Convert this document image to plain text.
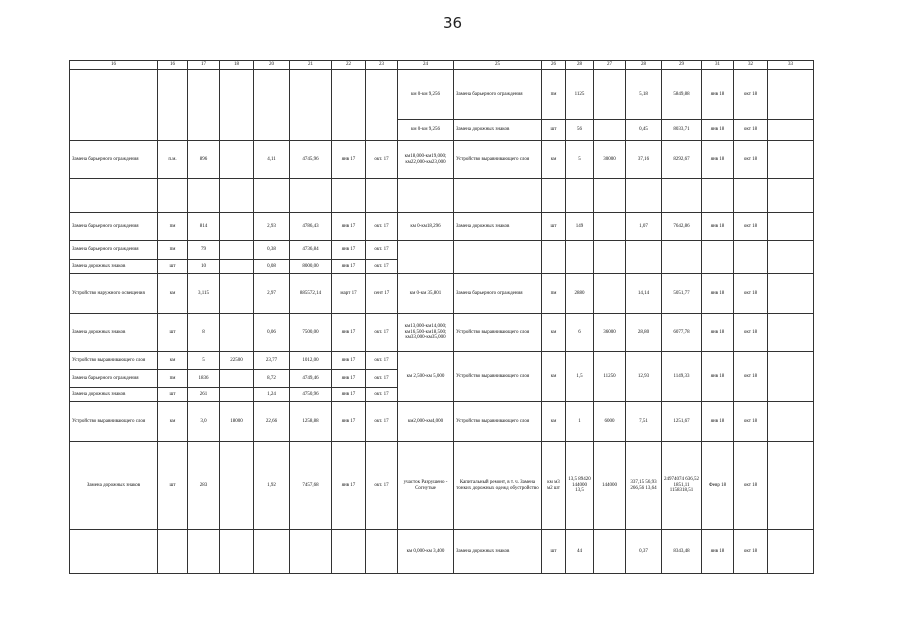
36
16	16	17	18	20	21	22	23	24	25	26	28	27	28	29	31	32	33
								км 0-км 9,256	Замена барьерного ограждения	пм	1125		5,18	5849,88	янв 18	окт 18	
								км 0-км 9,256	Замена дорожных знаков	шт	56		0,45	8033,71	янв 18	окт 18	
Замена барьерного ограждения	п.м.	896		4,11	4745,96	янв 17	окт. 17	км18,000-км19,000; км22,000-км23,000	Устройство выравнивающего слоя	км	5	30000	37,16	8292,67	янв 18	окт 18	

Замена барьерного ограждения	пм	814		2,93	4786,43	янв 17	окт. 17	км 0-км18,296	Замена дорожных знаков	шт	149		1,07	7642,86	янв 18	окт 18	
Замена барьерного ограждения	пм	79		0,38	4736,84	янв 17	окт. 17										
Замена дорожных знаков	шт	10		0,08	8000,00	янв 17	окт. 17										
Устройство наружного освещения	км	3,115		2,97	885572,14	март 17	сент 17	км 0-км 35,801	Замена барьерного ограждения	пм	2880		14,14	5051,77	янв 18	окт 18	
Замена дорожных знаков	шт	8		0,06	7500,00	янв 17	окт. 17	км13,000-км14,000; км16,500-км18,500; км33,000-км35,000	Устройство выравнивающего слоя	км	6	36000	28,80	6077,78	янв 18	окт 18	
Устройство выравнивающего слоя	км	5	22500	23,77	1012,00	янв 17	окт. 17	км 2,500-км 5,000	Устройство выравнивающего слоя	км	1,5	11250	12,93	1149,33	янв 18	окт 18	
Замена барьерного ограждения	пм	1836		8,72	4749,46	янв 17	окт. 17										
Замена дорожных знаков	шт	261		1,24	4750,96	янв 17	окт. 17										
Устройство выравнивающего слоя	км	3,0	18000	22,66	1258,88	янв 17	окт. 17	км2,000-км4,000	Устройство выравнивающего слоя	км	1	6000	7,51	1251,67	янв 18	окт 18	
Замена дорожных знаков	шт	283		1,92	7457,68	янв 17	окт. 17	участок Разрушено - Согнутые	Капитальный ремонт, в т. ч. Замена тонких дорожных одежд обустройство	км м3 м2 шт	13,5 89420 144000 13,5	144000	337,15 56,93 266,56 13,64	24974074 636,52 1851,11 1158318,51	Февр 18	окт 18	
								км 0,000-км 3,400	Замена дорожных знаков	шт	44		0,37	8343,48	янв 18	окт 18	
